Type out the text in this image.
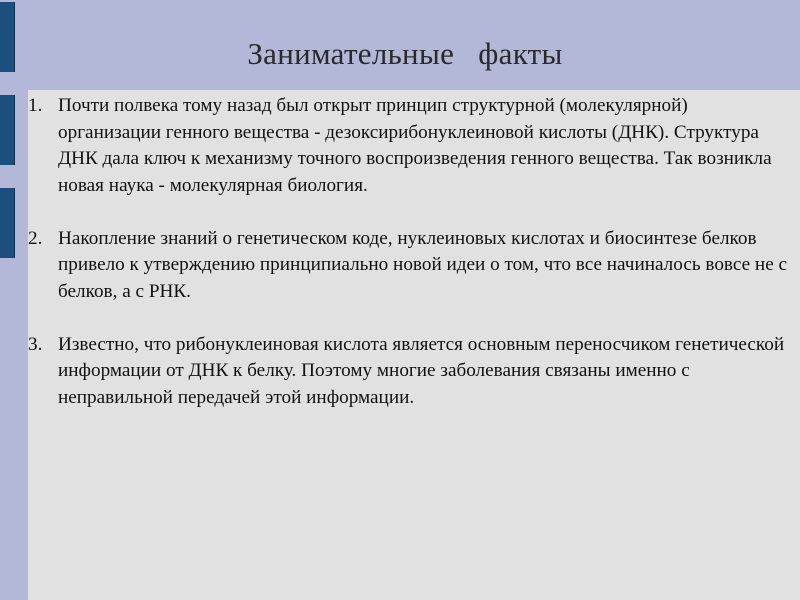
Занимательные   факты
1. Почти полвека тому назад был открыт принцип структурной (молекулярной) организации генного вещества - дезоксирибонуклеиновой кислоты (ДНК). Структура ДНК дала ключ к механизму точного воспроизведения генного вещества. Так возникла новая наука - молекулярная биология.
2. Накопление знаний о генетическом коде, нуклеиновых кислотах и биосинтезе белков привело к утверждению принципиально новой идеи о том, что все начиналось вовсе не с белков, а с РНК.
3. Известно, что рибонуклеиновая кислота является основным переносчиком генетической информации от ДНК к белку. Поэтому многие заболевания связаны именно с неправильной передачей этой информации.
